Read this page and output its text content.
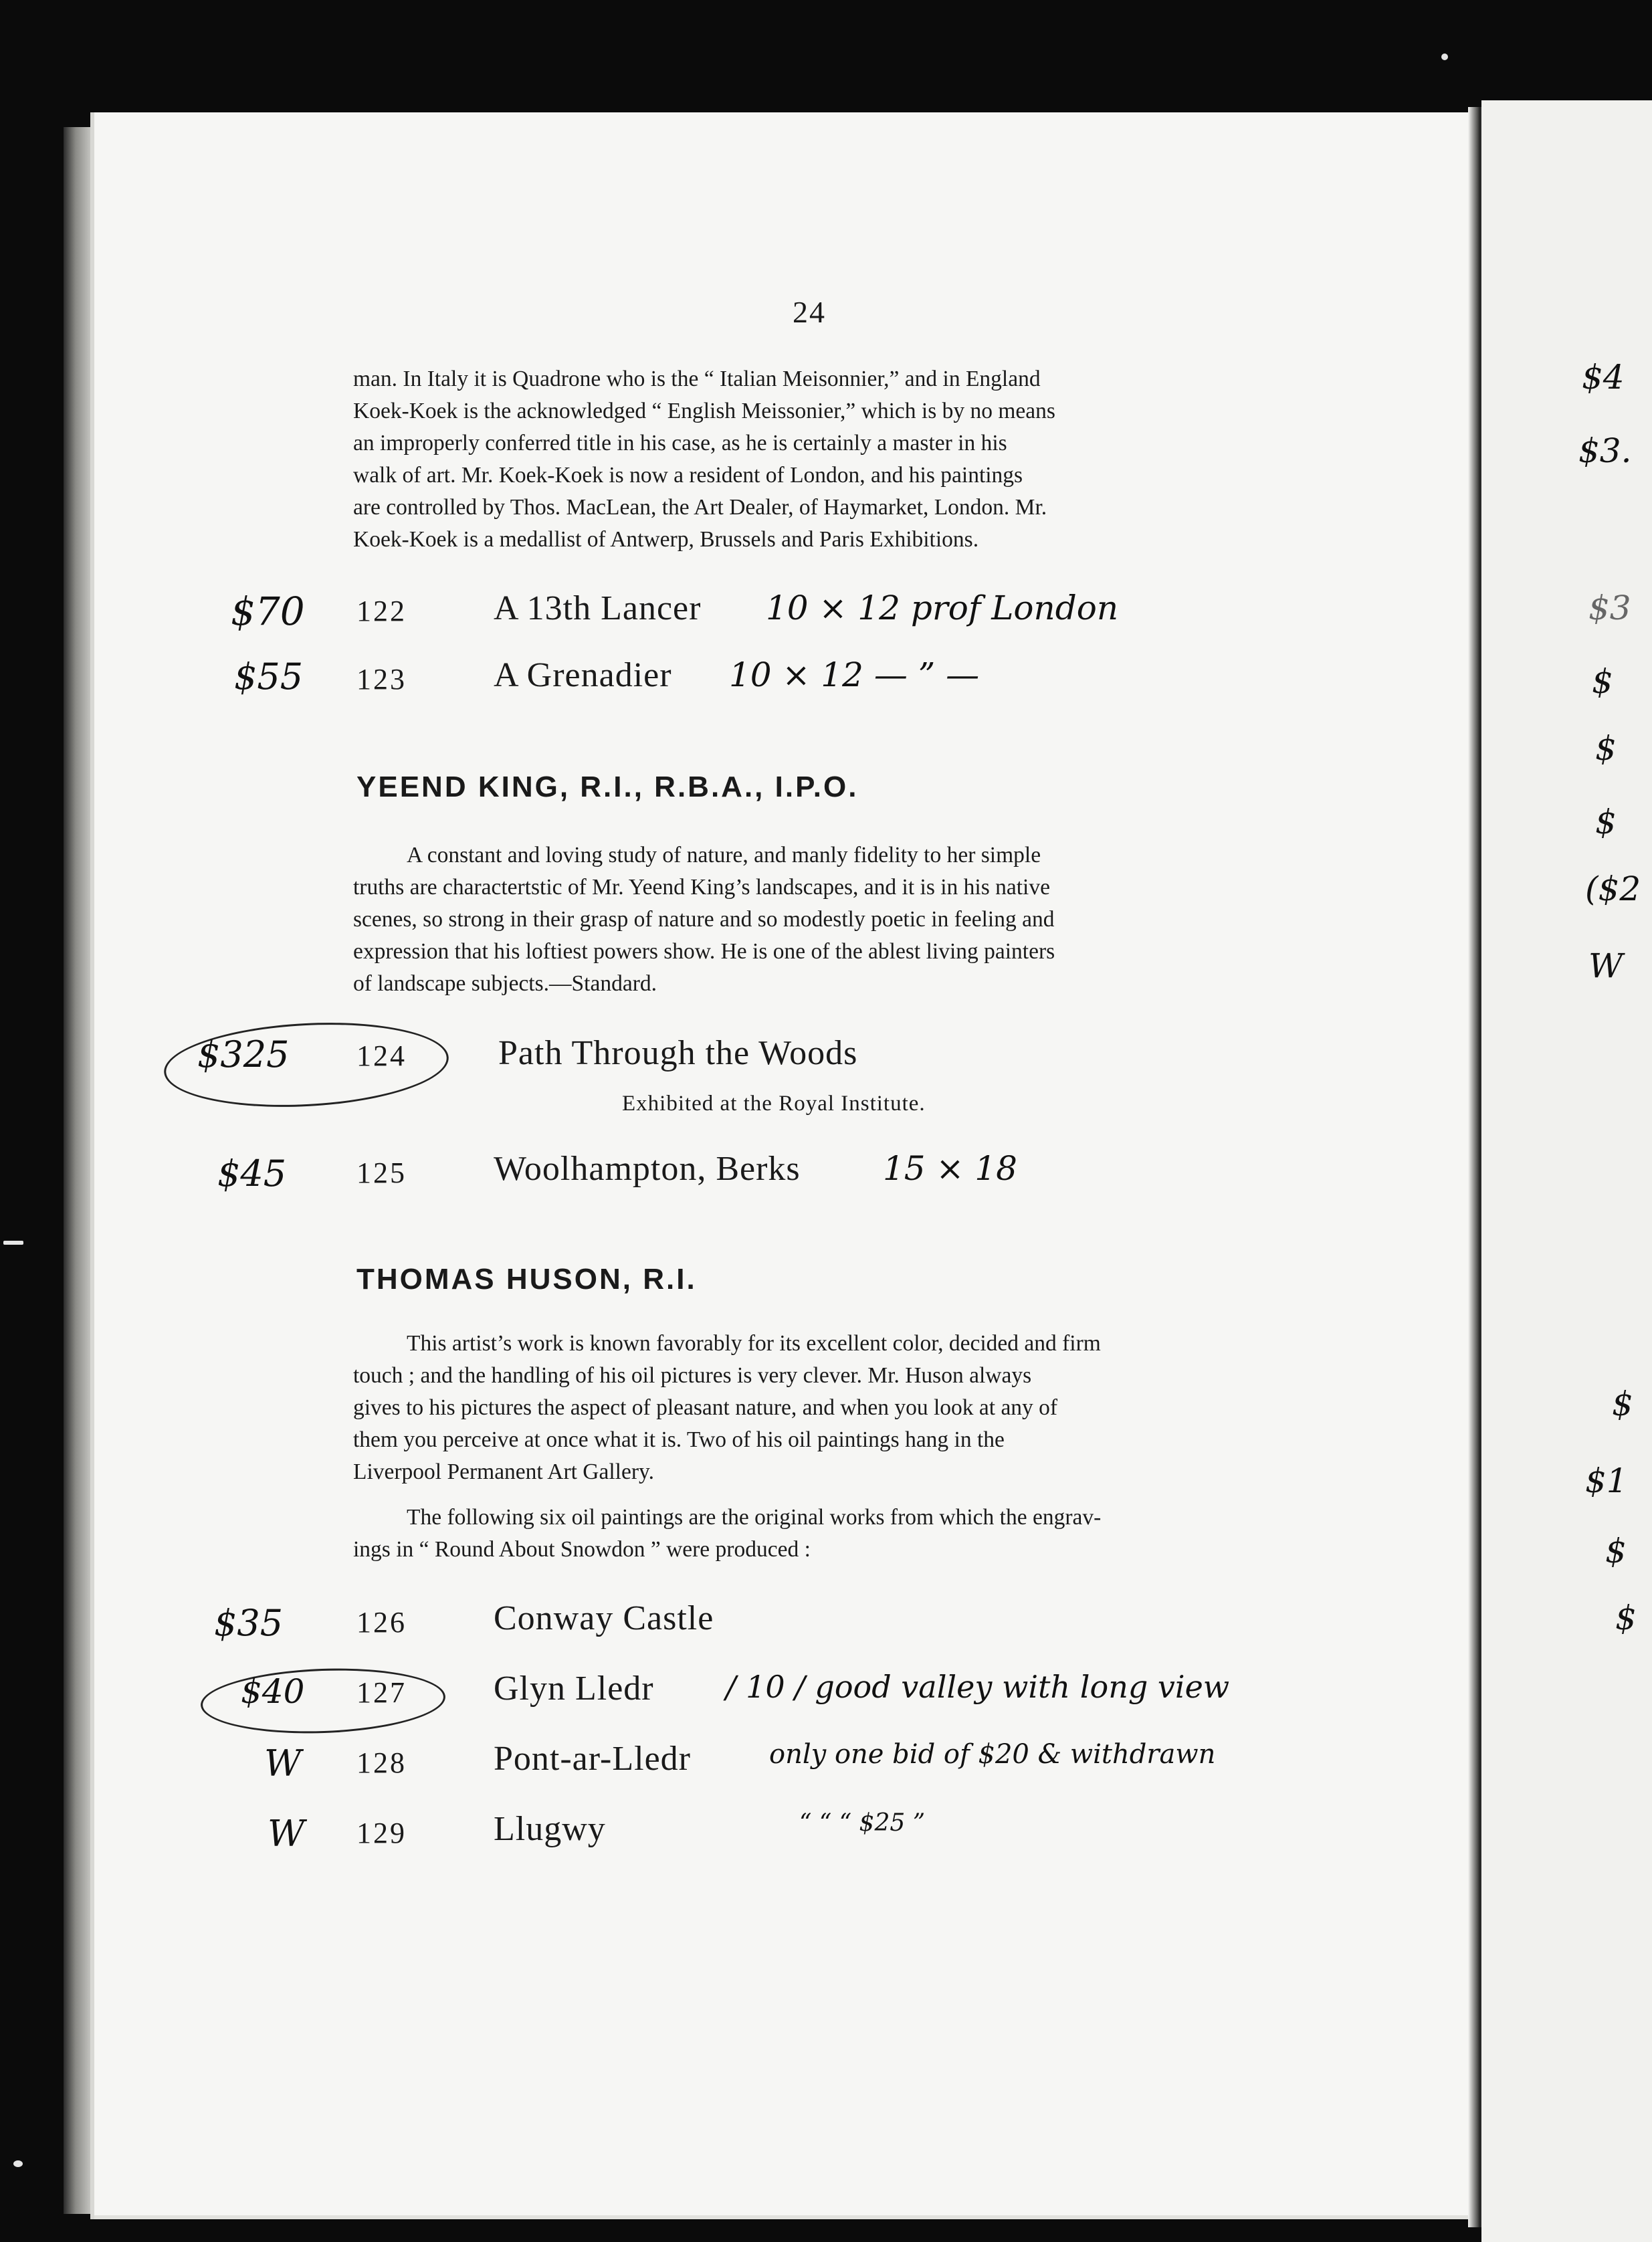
24

man. In Italy it is Quadrone who is the “ Italian Meisonnier,” and in England

Koek-Koek is the acknowledged “ English Meissonier,” which is by no means

an improperly conferred title in his case, as he is certainly a master in his

walk of art. Mr. Koek-Koek is now a resident of London, and his paintings

are controlled by Thos. MacLean, the Art Dealer, of Haymarket, London. Mr.

Koek-Koek is a medallist of Antwerp, Brussels and Paris Exhibitions.

$70 122	A 13th Lancer 10 × 12 prof London
$55 123	A Grenadier 10 × 12 — ” —
YEEND KING, R.I., R.B.A., I.P.O.

A constant and loving study of nature, and manly fidelity to her simple

truths are charactertstic of Mr. Yeend King’s landscapes, and it is in his native

scenes, so strong in their grasp of nature and so modestly poetic in feeling and

expression that his loftiest powers show. He is one of the ablest living painters

of landscape subjects.—Standard.

$325 124	Path Through the Woods
Exhibited at the Royal Institute.
$45 125	Woolhampton, Berks 15 × 18
THOMAS HUSON, R.I.

This artist’s work is known favorably for its excellent color, decided and firm

touch ; and the handling of his oil pictures is very clever. Mr. Huson always

gives to his pictures the aspect of pleasant nature, and when you look at any of

them you perceive at once what it is. Two of his oil paintings hang in the

Liverpool Permanent Art Gallery.

The following six oil paintings are the original works from which the engrav-

ings in “ Round About Snowdon ” were produced :

$35 126	Conway Castle
$40 127	Glyn Lledr / 10 / good valley with long view
W 128	Pont-ar-Lledr	only one bid of $20 & withdrawn
W 129	Llugwy	“ “ “ $25 ”
$4
$3.
$3
$
$
$
($2
W
$
$1
$
$
